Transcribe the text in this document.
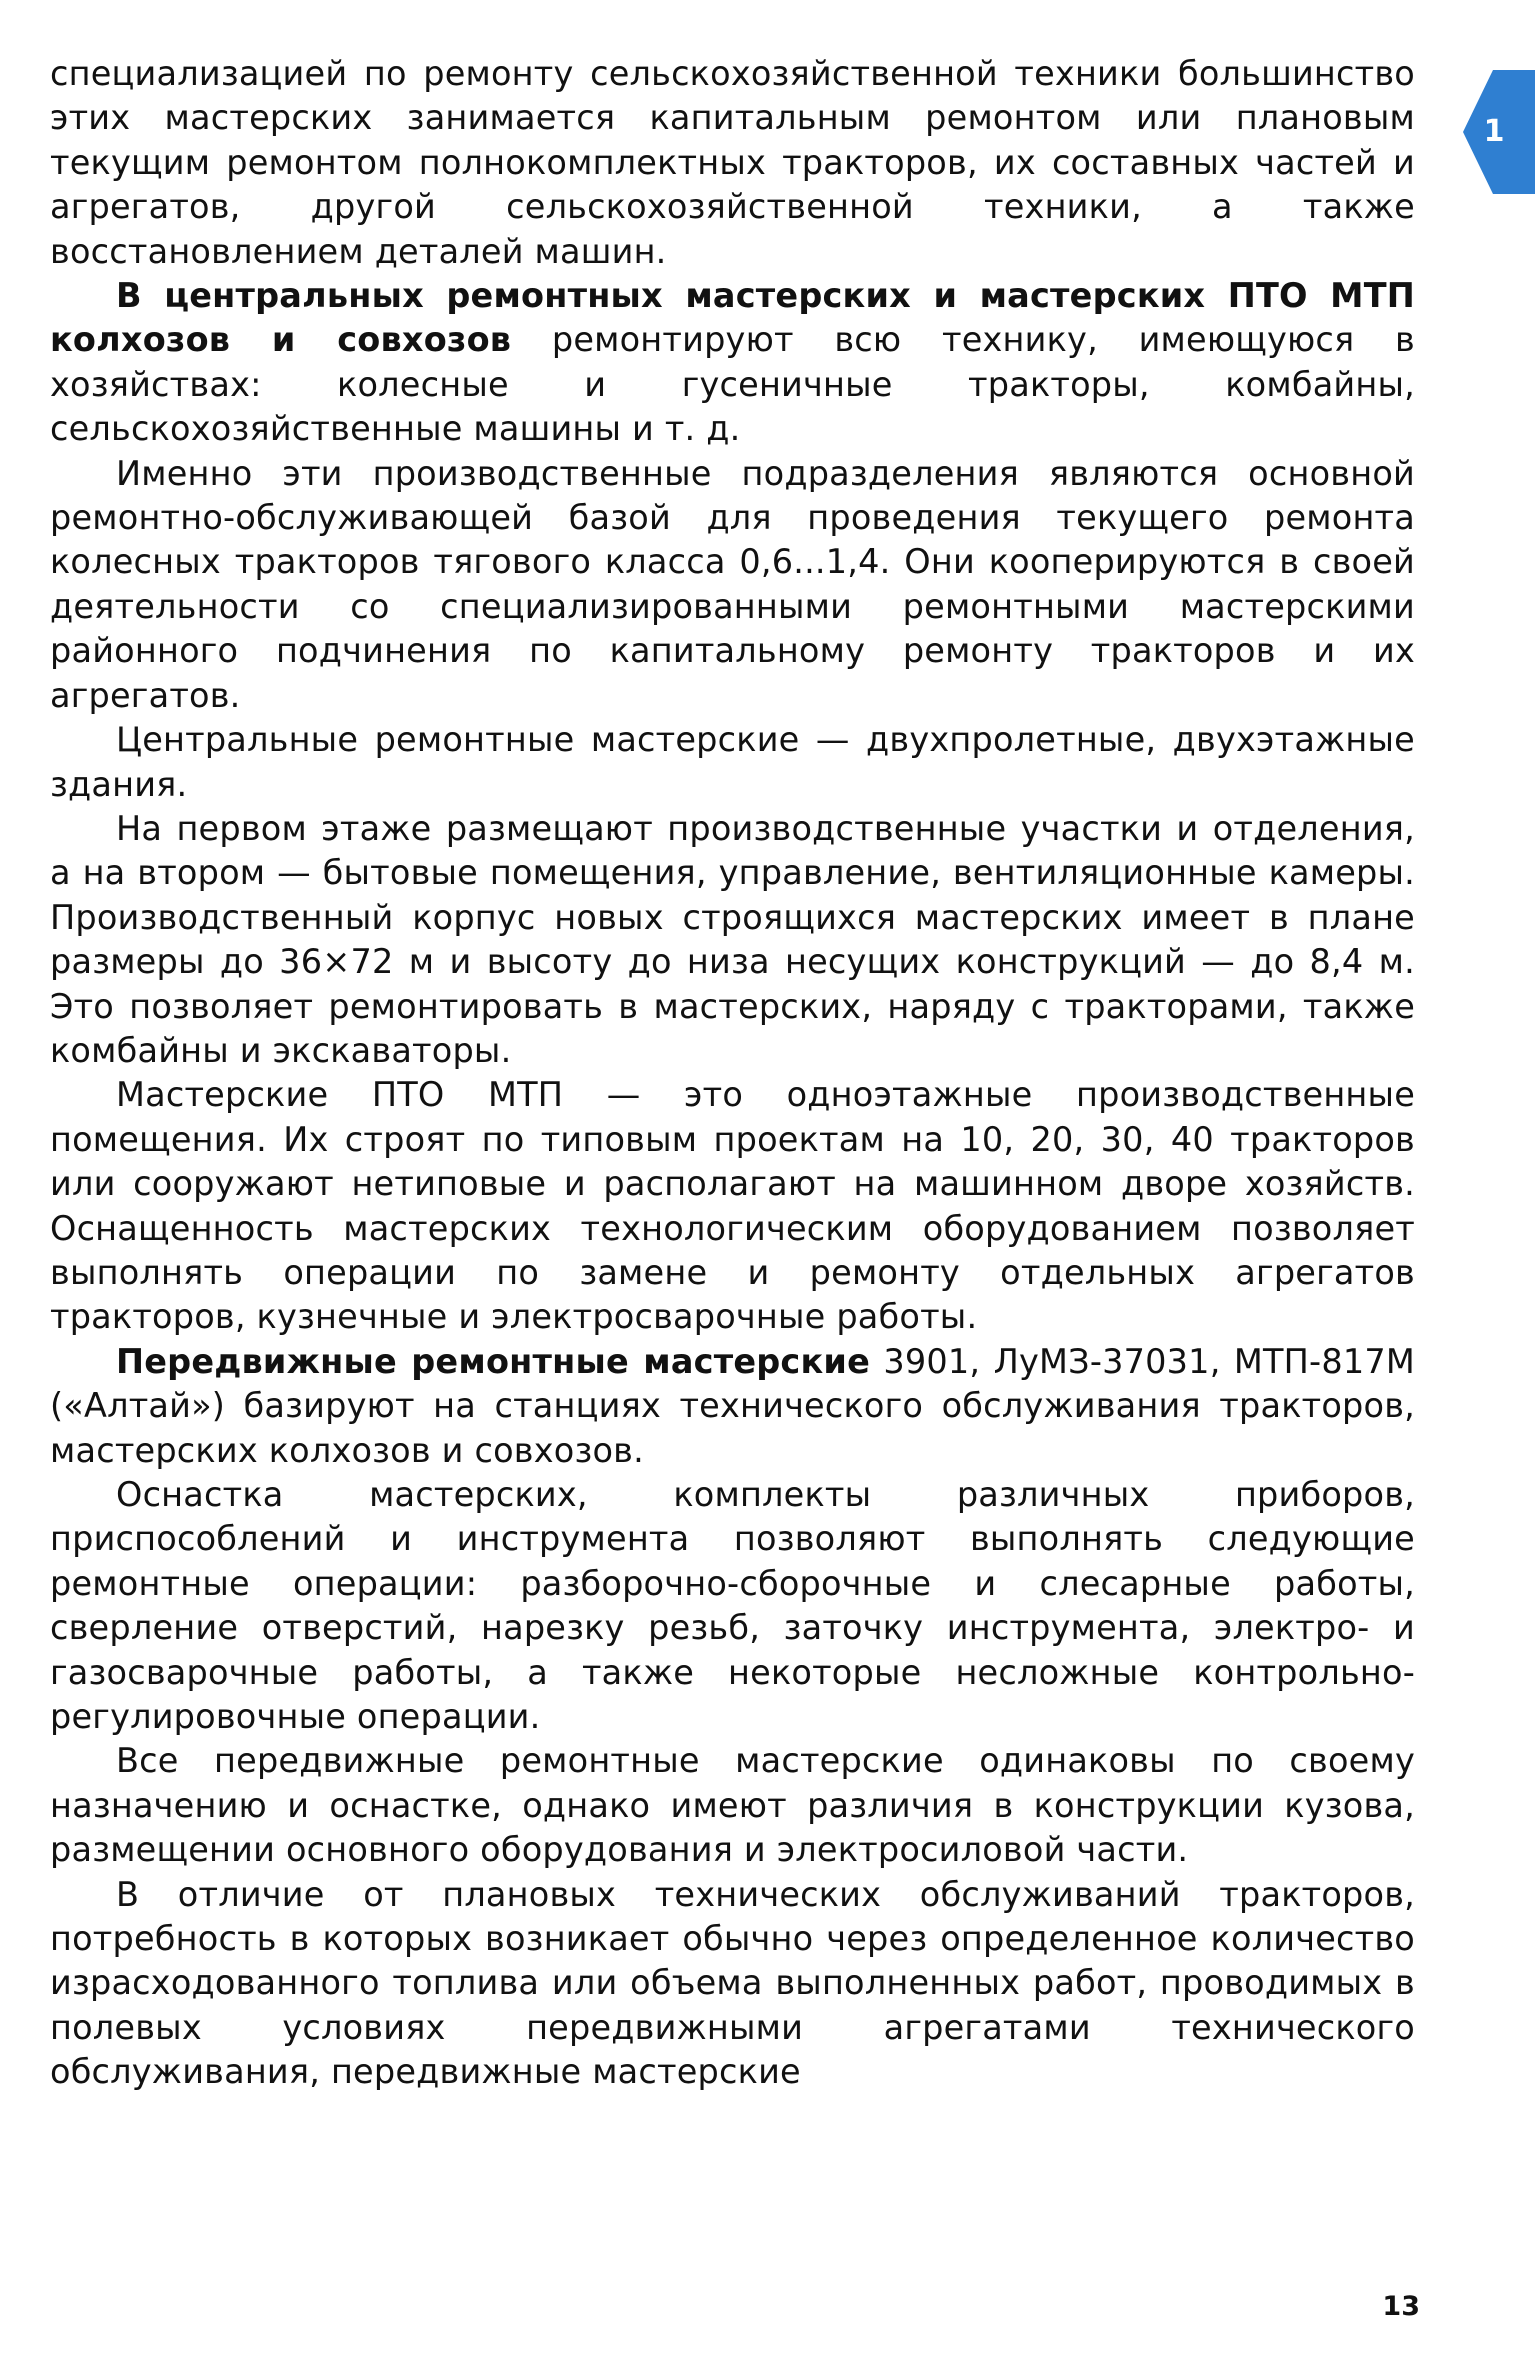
1

специализацией по ремонту сельскохозяйственной техники большинство этих мастерских занимается капитальным ремонтом или плановым текущим ремонтом полнокомплектных тракторов, их составных частей и агрегатов, другой сельскохозяйственной техники, а также восстановлением деталей машин.

В центральных ремонтных мастерских и мастерских ПТО МТП колхозов и совхозов ремонтируют всю технику, имеющуюся в хозяйствах: колесные и гусеничные тракторы, комбайны, сельскохозяйственные машины и т. д.

Именно эти производственные подразделения являются основной ремонтно-обслуживающей базой для проведения текущего ремонта колесных тракторов тягового класса 0,6...1,4. Они кооперируются в своей деятельности со специализированными ремонтными мастерскими районного подчинения по капитальному ремонту тракторов и их агрегатов.

Центральные ремонтные мастерские — двухпролетные, двухэтажные здания.

На первом этаже размещают производственные участки и отделения, а на втором — бытовые помещения, управление, вентиляционные камеры. Производственный корпус новых строящихся мастерских имеет в плане размеры до 36×72 м и высоту до низа несущих конструкций — до 8,4 м. Это позволяет ремонтировать в мастерских, наряду с тракторами, также комбайны и экскаваторы.

Мастерские ПТО МТП — это одноэтажные производственные помещения. Их строят по типовым проектам на 10, 20, 30, 40 тракторов или сооружают нетиповые и располагают на машинном дворе хозяйств. Оснащенность мастерских технологическим оборудованием позволяет выполнять операции по замене и ремонту отдельных агрегатов тракторов, кузнечные и электросварочные работы.

Передвижные ремонтные мастерские 3901, ЛуМЗ-37031, МТП-817М («Алтай») базируют на станциях технического обслуживания тракторов, мастерских колхозов и совхозов.

Оснастка мастерских, комплекты различных приборов, приспособлений и инструмента позволяют выполнять следующие ремонтные операции: разборочно-сборочные и слесарные работы, сверление отверстий, нарезку резьб, заточку инструмента, электро- и газосварочные работы, а также некоторые несложные контрольно-регулировочные операции.

Все передвижные ремонтные мастерские одинаковы по своему назначению и оснастке, однако имеют различия в конструкции кузова, размещении основного оборудования и электросиловой части.

В отличие от плановых технических обслуживаний тракторов, потребность в которых возникает обычно через определенное количество израсходованного топлива или объема выполненных работ, проводимых в полевых условиях передвижными агрегатами технического обслуживания, передвижные мастерские

13
